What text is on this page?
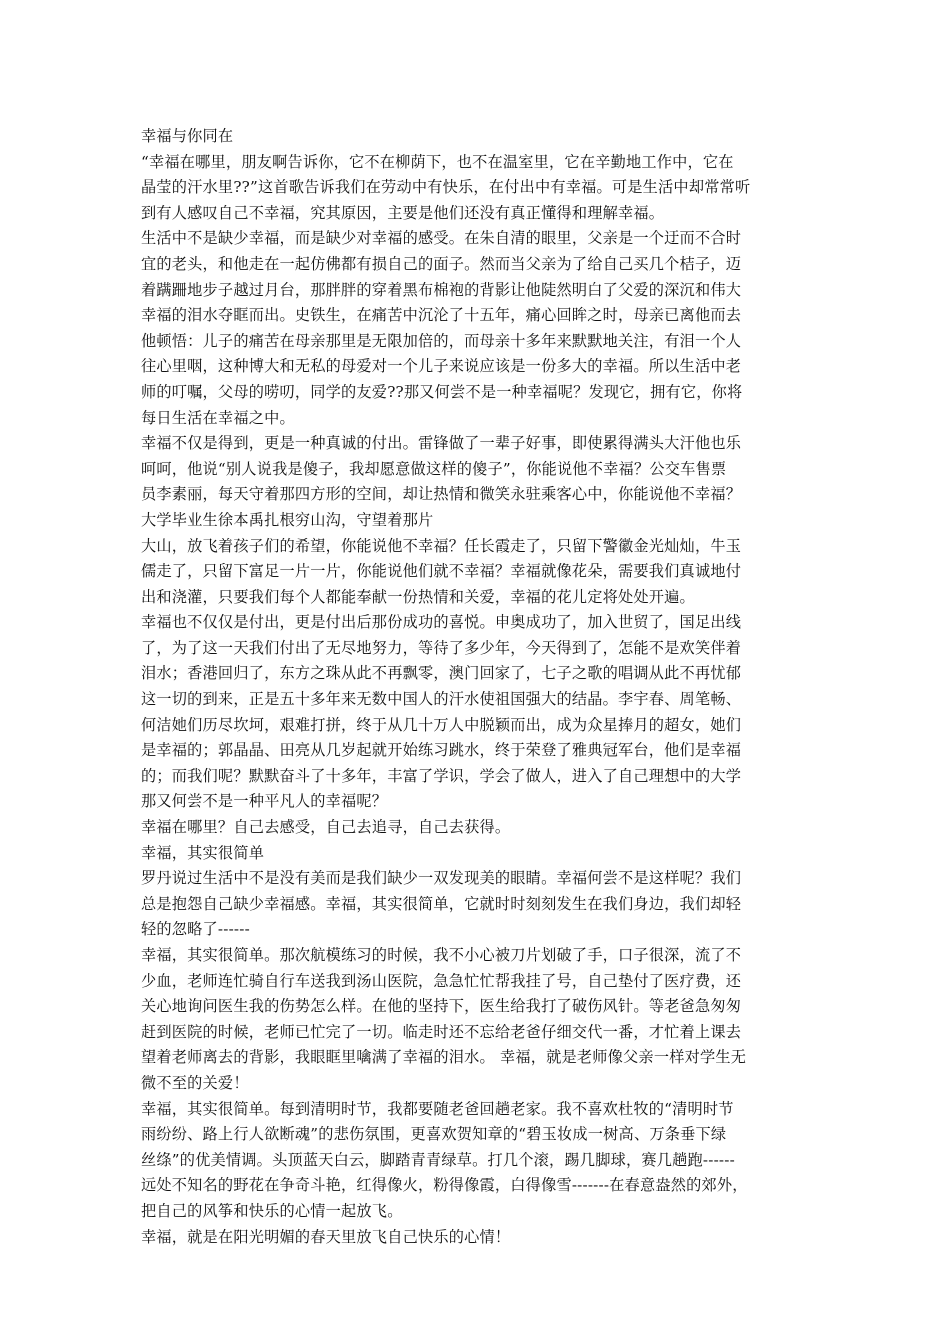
幸福与你同在
“幸福在哪里，朋友啊告诉你，它不在柳荫下，也不在温室里，它在辛勤地工作中，它在
晶莹的汗水里??”这首歌告诉我们在劳动中有快乐，在付出中有幸福。可是生活中却常常听
到有人感叹自己不幸福，究其原因，主要是他们还没有真正懂得和理解幸福。
生活中不是缺少幸福，而是缺少对幸福的感受。在朱自清的眼里，父亲是一个迂而不合时
宜的老头，和他走在一起仿佛都有损自己的面子。然而当父亲为了给自己买几个桔子，迈
着蹒跚地步子越过月台，那胖胖的穿着黑布棉袍的背影让他陡然明白了父爱的深沉和伟大
幸福的泪水夺眶而出。史铁生，在痛苦中沉沦了十五年，痛心回眸之时，母亲已离他而去
他顿悟：儿子的痛苦在母亲那里是无限加倍的，而母亲十多年来默默地关注，有泪一个人
往心里咽，这种博大和无私的母爱对一个儿子来说应该是一份多大的幸福。所以生活中老
师的叮嘱，父母的唠叨，同学的友爱??那又何尝不是一种幸福呢？发现它，拥有它，你将
每日生活在幸福之中。
幸福不仅是得到，更是一种真诚的付出。雷锋做了一辈子好事，即使累得满头大汗他也乐
呵呵，他说“别人说我是傻子，我却愿意做这样的傻子”，你能说他不幸福？公交车售票
员李素丽，每天守着那四方形的空间，却让热情和微笑永驻乘客心中，你能说他不幸福？
大学毕业生徐本禹扎根穷山沟，守望着那片
大山，放飞着孩子们的希望，你能说他不幸福？任长霞走了，只留下警徽金光灿灿，牛玉
儒走了，只留下富足一片一片，你能说他们就不幸福？幸福就像花朵，需要我们真诚地付
出和浇灌，只要我们每个人都能奉献一份热情和关爱，幸福的花儿定将处处开遍。
幸福也不仅仅是付出，更是付出后那份成功的喜悦。申奥成功了，加入世贸了，国足出线
了，为了这一天我们付出了无尽地努力，等待了多少年，今天得到了，怎能不是欢笑伴着
泪水；香港回归了，东方之珠从此不再飘零，澳门回家了，七子之歌的唱调从此不再忧郁
这一切的到来，正是五十多年来无数中国人的汗水使祖国强大的结晶。李宇春、周笔畅、
何洁她们历尽坎坷，艰难打拼，终于从几十万人中脱颖而出，成为众星捧月的超女，她们
是幸福的；郭晶晶、田亮从几岁起就开始练习跳水，终于荣登了雅典冠军台，他们是幸福
的；而我们呢？默默奋斗了十多年，丰富了学识，学会了做人，进入了自己理想中的大学
那又何尝不是一种平凡人的幸福呢？
幸福在哪里？自己去感受，自己去追寻，自己去获得。
幸福，其实很简单
罗丹说过生活中不是没有美而是我们缺少一双发现美的眼睛。幸福何尝不是这样呢？我们
总是抱怨自己缺少幸福感。幸福，其实很简单，它就时时刻刻发生在我们身边，我们却轻
轻的忽略了------
幸福，其实很简单。那次航模练习的时候，我不小心被刀片划破了手，口子很深，流了不
少血，老师连忙骑自行车送我到汤山医院，急急忙忙帮我挂了号，自己垫付了医疗费，还
关心地询问医生我的伤势怎么样。在他的坚持下，医生给我打了破伤风针。等老爸急匆匆
赶到医院的时候，老师已忙完了一切。临走时还不忘给老爸仔细交代一番，才忙着上课去
望着老师离去的背影，我眼眶里噙满了幸福的泪水。 幸福，就是老师像父亲一样对学生无
微不至的关爱！
幸福，其实很简单。每到清明时节，我都要随老爸回趟老家。我不喜欢杜牧的“清明时节
雨纷纷、路上行人欲断魂”的悲伤氛围，更喜欢贺知章的“碧玉妆成一树高、万条垂下绿
丝绦”的优美情调。头顶蓝天白云，脚踏青青绿草。打几个滚，踢几脚球，赛几趟跑------
远处不知名的野花在争奇斗艳，红得像火，粉得像霞，白得像雪-------在春意盎然的郊外，
把自己的风筝和快乐的心情一起放飞。
幸福，就是在阳光明媚的春天里放飞自己快乐的心情！
